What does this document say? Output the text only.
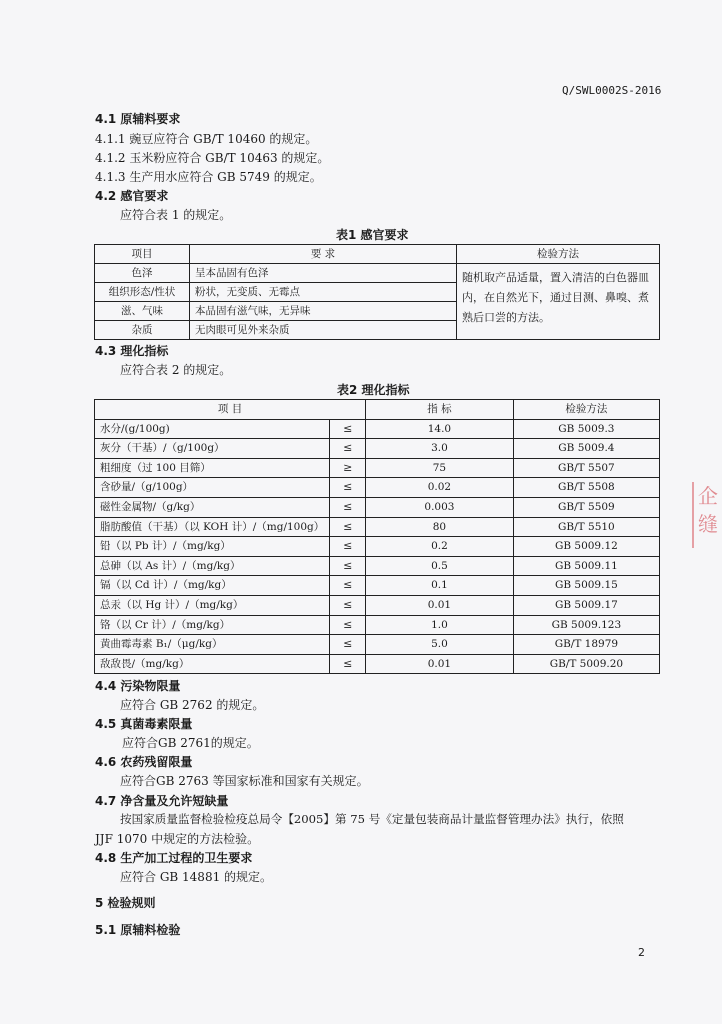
Q/SWL0002S-2016
4.1 原辅料要求
4.1.1 豌豆应符合 GB/T 10460 的规定。
4.1.2 玉米粉应符合 GB/T 10463 的规定。
4.1.3 生产用水应符合 GB 5749 的规定。
4.2 感官要求
应符合表 1 的规定。
表1 感官要求
项目	要 求	检验方法
色泽	呈本品固有色泽	随机取产品适量，置入清洁的白色器皿内，在自然光下，通过目测、鼻嗅、煮熟后口尝的方法。
组织形态/性状	粉状，无变质、无霉点	
滋、气味	本品固有滋气味，无异味	
杂质	无肉眼可见外来杂质	
4.3 理化指标
应符合表 2 的规定。
表2 理化指标
项 目		指 标	检验方法
水分/(g/100g)	≤	14.0	GB 5009.3
灰分（干基）/（g/100g）	≤	3.0	GB 5009.4
粗细度（过 100 目筛）	≥	75	GB/T 5507
含砂量/（g/100g）	≤	0.02	GB/T 5508
磁性金属物/（g/kg）	≤	0.003	GB/T 5509
脂肪酸值（干基）（以 KOH 计）/（mg/100g）	≤	80	GB/T 5510
铅（以 Pb 计）/（mg/kg）	≤	0.2	GB 5009.12
总砷（以 As 计）/（mg/kg）	≤	0.5	GB 5009.11
镉（以 Cd 计）/（mg/kg）	≤	0.1	GB 5009.15
总汞（以 Hg 计）/（mg/kg）	≤	0.01	GB 5009.17
铬（以 Cr 计）/（mg/kg）	≤	1.0	GB 5009.123
黄曲霉毒素 B₁/（μg/kg）	≤	5.0	GB/T 18979
敌敌畏/（mg/kg）	≤	0.01	GB/T 5009.20
4.4 污染物限量
应符合 GB 2762 的规定。
4.5 真菌毒素限量
应符合GB 2761的规定。
4.6 农药残留限量
应符合GB 2763 等国家标准和国家有关规定。
4.7 净含量及允许短缺量
按国家质量监督检验检疫总局令【2005】第 75 号《定量包装商品计量监督管理办法》执行，依照
JJF 1070 中规定的方法检验。
4.8 生产加工过程的卫生要求
应符合 GB 14881 的规定。
5 检验规则
5.1 原辅料检验
企缝
2
